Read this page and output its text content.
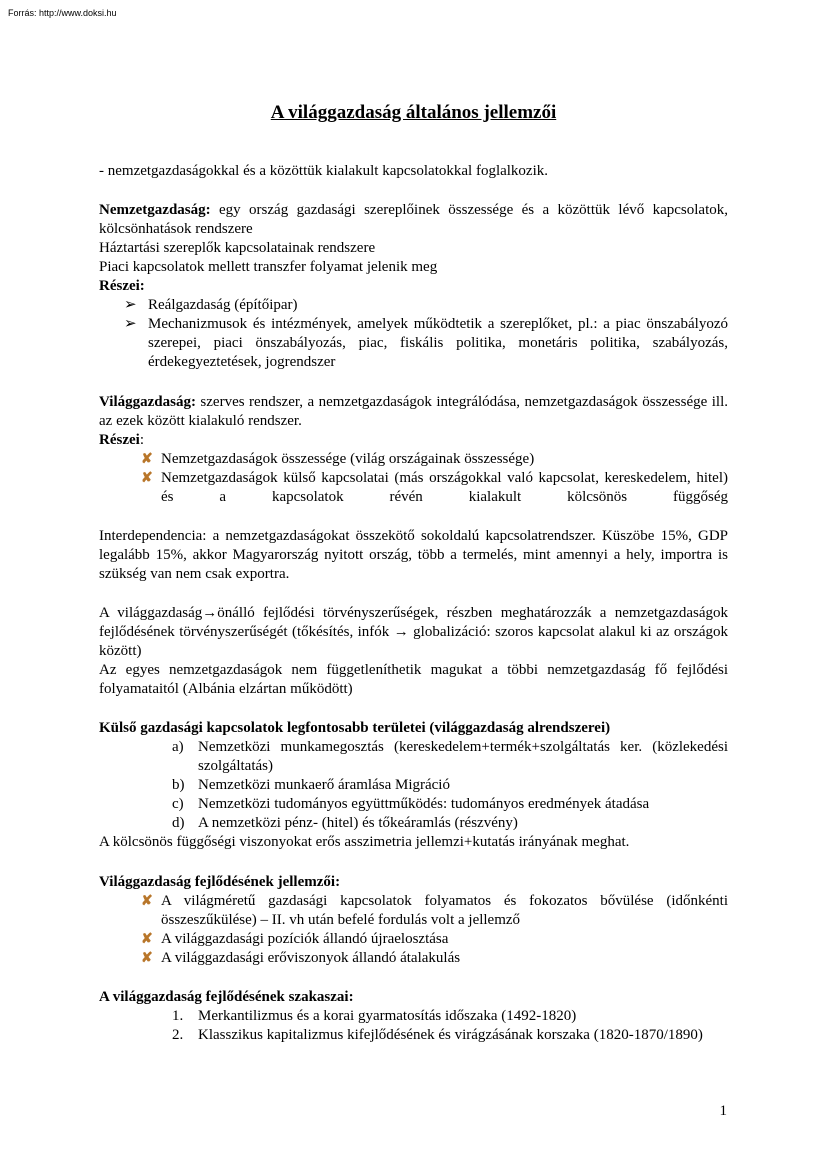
Forrás: http://www.doksi.hu
A világgazdaság általános jellemzői

- nemzetgazdaságokkal és a közöttük kialakult kapcsolatokkal foglalkozik.

Nemzetgazdaság: egy ország gazdasági szereplőinek összessége és a közöttük lévő kapcsolatok, kölcsönhatások rendszere

Háztartási szereplők kapcsolatainak rendszere

Piaci kapcsolatok mellett transzfer folyamat jelenik meg

Részei:

➢ Reálgazdaság (építőipar)
➢ Mechanizmusok és intézmények, amelyek működtetik a szereplőket, pl.: a piac önszabályozó szerepei, piaci önszabályozás, piac, fiskális politika, monetáris politika, szabályozás, érdekegyeztetések, jogrendszer

Világgazdaság: szerves rendszer, a nemzetgazdaságok integrálódása, nemzetgazdaságok összessége ill. az ezek között kialakuló rendszer.

Részei:

✘ Nemzetgazdaságok összessége (világ országainak összessége)
✘ Nemzetgazdaságok külső kapcsolatai (más országokkal való kapcsolat, kereskedelem, hitel) és a kapcsolatok révén kialakult kölcsönös függőség

Interdependencia: a nemzetgazdaságokat összekötő sokoldalú kapcsolatrendszer. Küszöbe 15%, GDP legalább 15%, akkor Magyarország nyitott ország, több a termelés, mint amennyi a hely, importra is szükség van nem csak exportra.

A világgazdaság→önálló fejlődési törvényszerűségek, részben meghatározzák a nemzetgazdaságok fejlődésének törvényszerűségét (tőkésítés, infók → globalizáció: szoros kapcsolat alakul ki az országok között)

Az egyes nemzetgazdaságok nem függetleníthetik magukat a többi nemzetgazdaság fő fejlődési folyamataitól (Albánia elzártan működött)

Külső gazdasági kapcsolatok legfontosabb területei (világgazdaság alrendszerei)

a) Nemzetközi munkamegosztás (kereskedelem+termék+szolgáltatás ker. (közlekedési szolgáltatás)
b) Nemzetközi munkaerő áramlása Migráció
c) Nemzetközi tudományos együttműködés: tudományos eredmények átadása
d) A nemzetközi pénz- (hitel) és tőkeáramlás (részvény)

A kölcsönös függőségi viszonyokat erős asszimetria jellemzi+kutatás irányának meghat.

Világgazdaság fejlődésének jellemzői:

✘ A világméretű gazdasági kapcsolatok folyamatos és fokozatos bővülése (időnkénti összeszűkülése) – II. vh után befelé fordulás volt a jellemző
✘ A világgazdasági pozíciók állandó újraelosztása
✘ A világgazdasági erőviszonyok állandó átalakulás

A világgazdaság fejlődésének szakaszai:

1. Merkantilizmus és a korai gyarmatosítás időszaka (1492-1820)
2. Klasszikus kapitalizmus kifejlődésének és virágzásának korszaka (1820-1870/1890)
1
